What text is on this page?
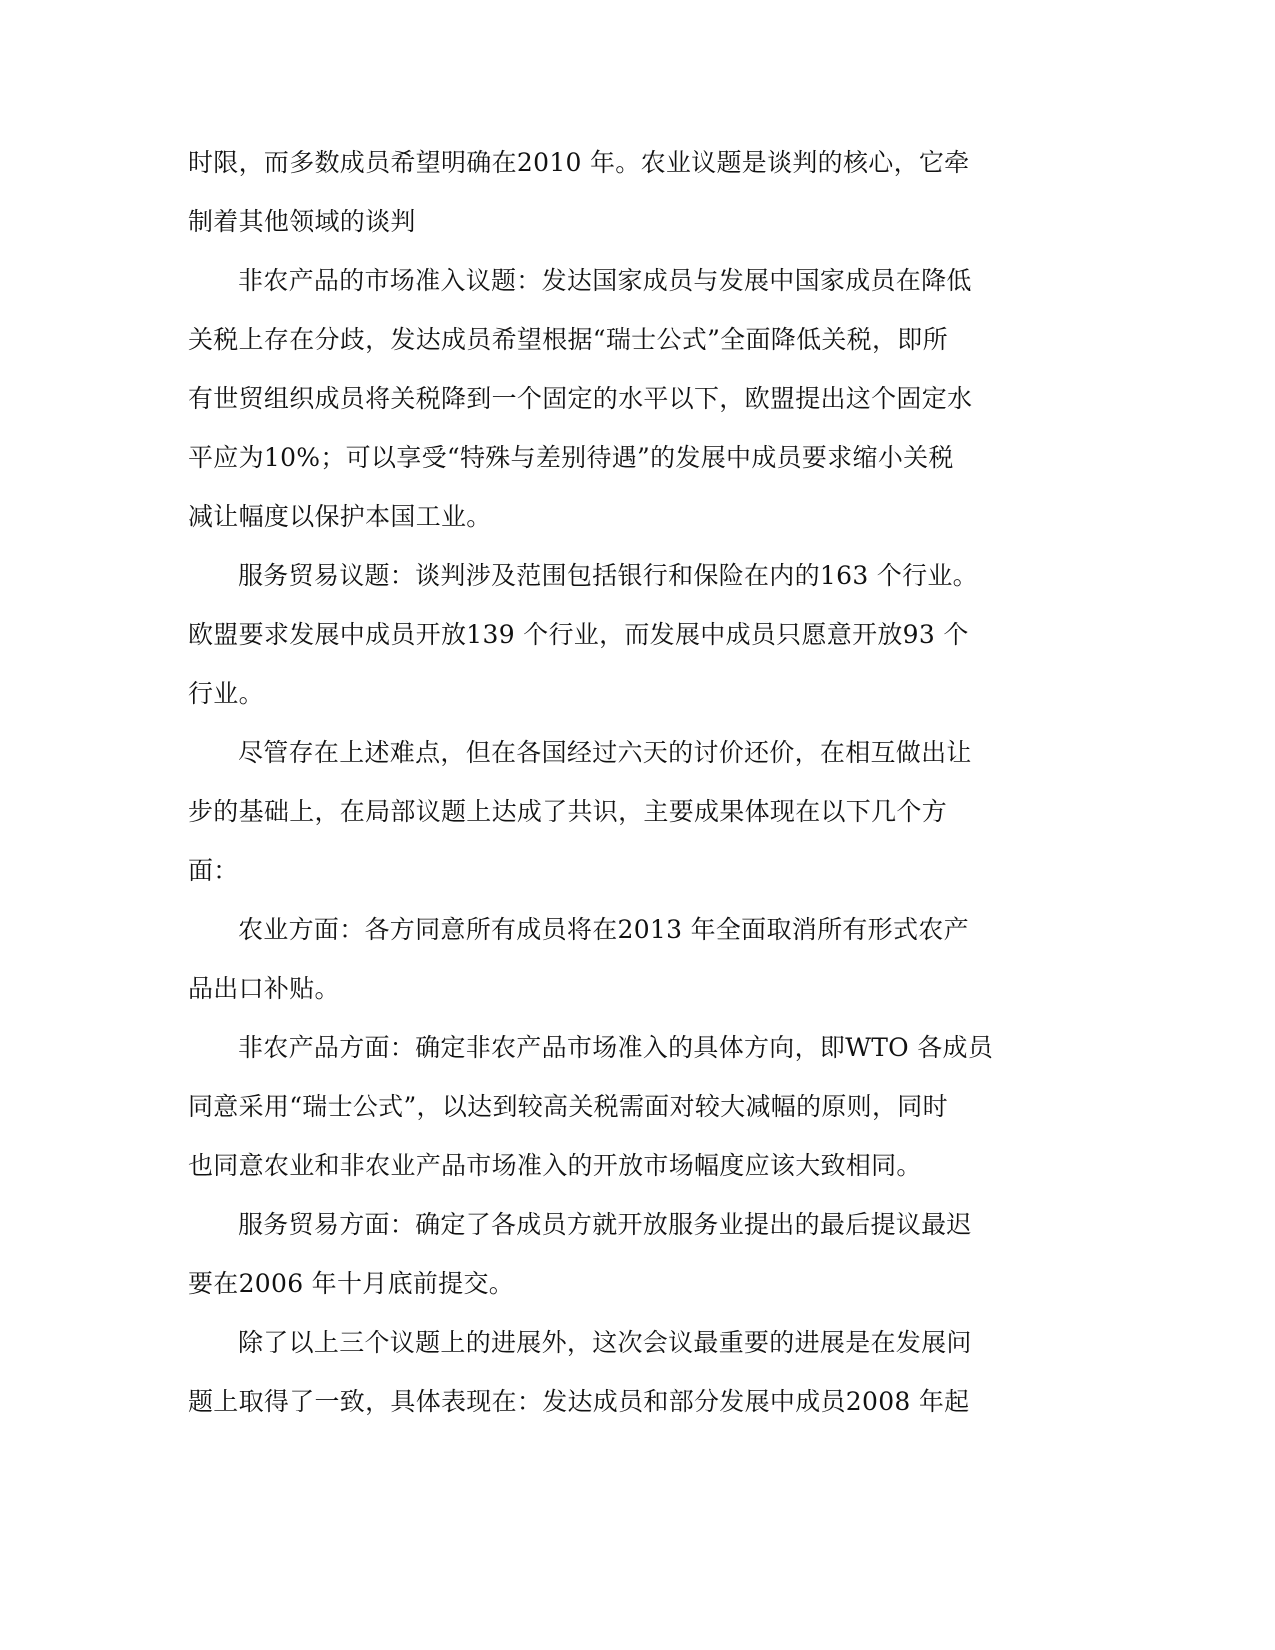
时限，而多数成员希望明确在2010 年。农业议题是谈判的核心，它牵
制着其他领域的谈判
非农产品的市场准入议题：发达国家成员与发展中国家成员在降低
关税上存在分歧，发达成员希望根据“瑞士公式”全面降低关税，即所
有世贸组织成员将关税降到一个固定的水平以下，欧盟提出这个固定水
平应为10%；可以享受“特殊与差别待遇”的发展中成员要求缩小关税
减让幅度以保护本国工业。
服务贸易议题：谈判涉及范围包括银行和保险在内的163 个行业。
欧盟要求发展中成员开放139 个行业，而发展中成员只愿意开放93 个
行业。
尽管存在上述难点，但在各国经过六天的讨价还价，在相互做出让
步的基础上，在局部议题上达成了共识，主要成果体现在以下几个方
面：
农业方面：各方同意所有成员将在2013 年全面取消所有形式农产
品出口补贴。
非农产品方面：确定非农产品市场准入的具体方向，即WTO 各成员
同意采用“瑞士公式”，以达到较高关税需面对较大减幅的原则，同时
也同意农业和非农业产品市场准入的开放市场幅度应该大致相同。
服务贸易方面：确定了各成员方就开放服务业提出的最后提议最迟
要在2006 年十月底前提交。
除了以上三个议题上的进展外，这次会议最重要的进展是在发展问
题上取得了一致，具体表现在：发达成员和部分发展中成员2008 年起
